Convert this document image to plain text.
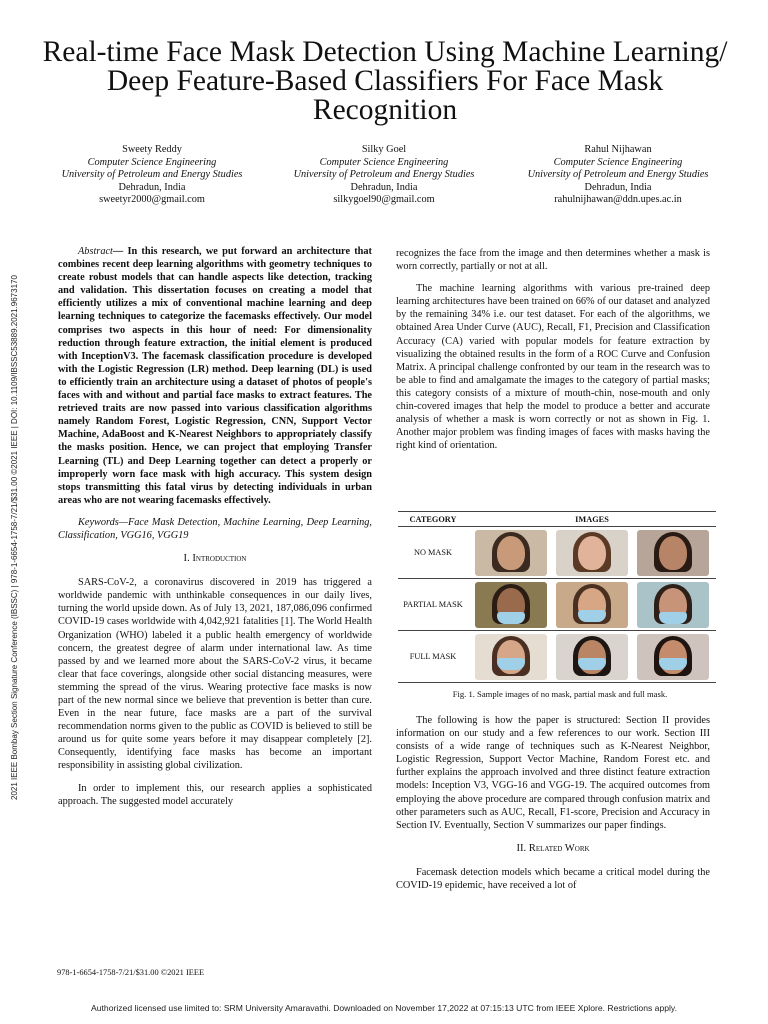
Real-time Face Mask Detection Using Machine Learning/ Deep Feature-Based Classifiers For Face Mask Recognition
Sweety Reddy
Computer Science Engineering
University of Petroleum and Energy Studies
Dehradun, India
sweetyr2000@gmail.com
Silky Goel
Computer Science Engineering
University of Petroleum and Energy Studies
Dehradun, India
silkygoel90@gmail.com
Rahul Nijhawan
Computer Science Engineering
University of Petroleum and Energy Studies
Dehradun, India
rahulnijhawan@ddn.upes.ac.in
2021 IEEE Bombay Section Signature Conference (IBSSC) | 978-1-6654-1758-7/21/$31.00 ©2021 IEEE | DOI: 10.1109/IBSSC53889.2021.9673170

Abstract— In this research, we put forward an architecture that combines recent deep learning algorithms with geometry techniques to create robust models that can handle aspects like detection, tracking and validation. This dissertation focuses on creating a model that efficiently utilizes a mix of conventional machine learning and deep learning techniques to categorize the facemasks effectively. Our model comprises two aspects in this hour of need: For dimensionality reduction through feature extraction, the initial element is produced with InceptionV3. The facemask classification procedure is developed with the Logistic Regression (LR) method. Deep learning (DL) is used to efficiently train an architecture using a dataset of photos of people's faces with and without and partial face masks to extract features. The retrieved traits are now passed into various classification algorithms namely Random Forest, Logistic Regression, CNN, Support Vector Machine, AdaBoost and K-Nearest Neighbors to appropriately classify the masks position. Hence, we can project that employing Transfer Learning (TL) and Deep Learning together can detect a properly or improperly worn face mask with high accuracy. This system design stops transmitting this fatal virus by detecting individuals in urban areas who are not wearing facemasks effectively.

Keywords—Face Mask Detection, Machine Learning, Deep Learning, Classification, VGG16, VGG19

I. Introduction

SARS-CoV-2, a coronavirus discovered in 2019 has triggered a worldwide pandemic with unthinkable consequences in our daily lives, turning the world upside down. As of July 13, 2021, 187,086,096 confirmed COVID-19 cases worldwide with 4,042,921 fatalities [1]. The World Health Organization (WHO) labeled it a public health emergency of worldwide concern, the greatest degree of alarm under international law. As time passed by and we learned more about the SARS-CoV-2 virus, it became clear that face coverings, alongside other social distancing measures, were stemming the spread of the virus. Wearing protective face masks is now part of the new normal since we believe that prevention is better than cure. Even in the near future, face masks are a part of the survival recommendation norms given to the public as COVID is believed to still be around us for quite some years before it may disappear completely [2]. Consequently, identifying face masks has become an important responsibility in assisting global civilization.

In order to implement this, our research applies a sophisticated approach. The suggested model accurately

recognizes the face from the image and then determines whether a mask is worn correctly, partially or not at all.

The machine learning algorithms with various pre-trained deep learning architectures have been trained on 66% of our dataset and analyzed by the remaining 34% i.e. our test dataset. For each of the algorithms, we obtained Area Under Curve (AUC), Recall, F1, Precision and Classification Accuracy (CA) varied with popular models for feature extraction by visualizing the obtained results in the form of a ROC Curve and Confusion Matrix. A principal challenge confronted by our team in the research was to be able to find and amalgamate the images to the category of partial masks; this category consists of a mixture of mouth-chin, nose-mouth and only chin-covered images that help the model to produce a better and accurate analysis of whether a mask is worn correctly or not as shown in Fig. 1. Another major problem was finding images of faces with masks having the right kind of orientation.

CATEGORY	IMAGES
NO MASK	

PARTIAL MASK	

FULL MASK	
Fig. 1. Sample images of no mask, partial mask and full mask.

The following is how the paper is structured: Section II provides information on our study and a few references to our work. Section III consists of a wide range of techniques such as K-Nearest Neighbor, Logistic Regression, Support Vector Machine, Random Forest etc. and further explains the approach involved and three distinct feature extraction models: Inception V3, VGG-16 and VGG-19. The acquired outcomes from employing the above procedure are compared through confusion matrix and other parameters such as AUC, Recall, F1-score, Precision and Accuracy in Section IV. Eventually, Section V summarizes our paper findings.

II. Related Work

Facemask detection models which became a critical model during the COVID-19 epidemic, have received a lot of

978-1-6654-1758-7/21/$31.00 ©2021 IEEE
Authorized licensed use limited to: SRM University Amaravathi. Downloaded on November 17,2022 at 07:15:13 UTC from IEEE Xplore. Restrictions apply.
